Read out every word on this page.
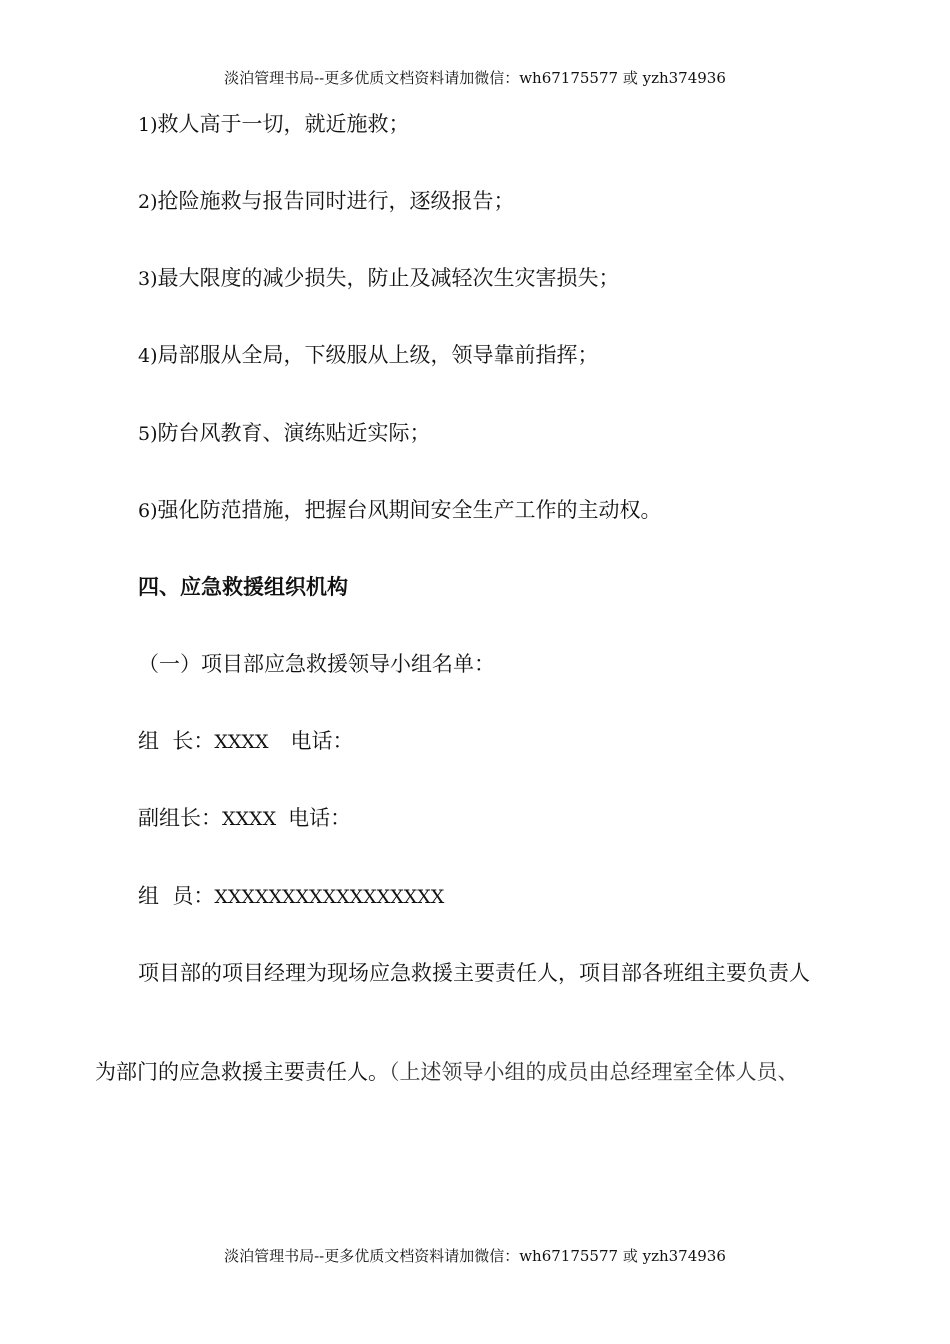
淡泊管理书局--更多优质文档资料请加微信：wh67175577 或 yzh374936
1)救人高于一切，就近施救；
2)抢险施救与报告同时进行，逐级报告；
3)最大限度的减少损失，防止及减轻次生灾害损失；
4)局部服从全局，下级服从上级，领导靠前指挥；
5)防台风教育、演练贴近实际；
6)强化防范措施，把握台风期间安全生产工作的主动权。
四、应急救援组织机构
（一）项目部应急救援领导小组名单：
组  长：XXXX 电话：
副组长：XXXX 电话：
组  员：XXXXXXXXXXXXXXXXX
项目部的项目经理为现场应急救援主要责任人，项目部各班组主要负责人
为部门的应急救援主要责任人。（上述领导小组的成员由总经理室全体人员、
淡泊管理书局--更多优质文档资料请加微信：wh67175577 或 yzh374936
